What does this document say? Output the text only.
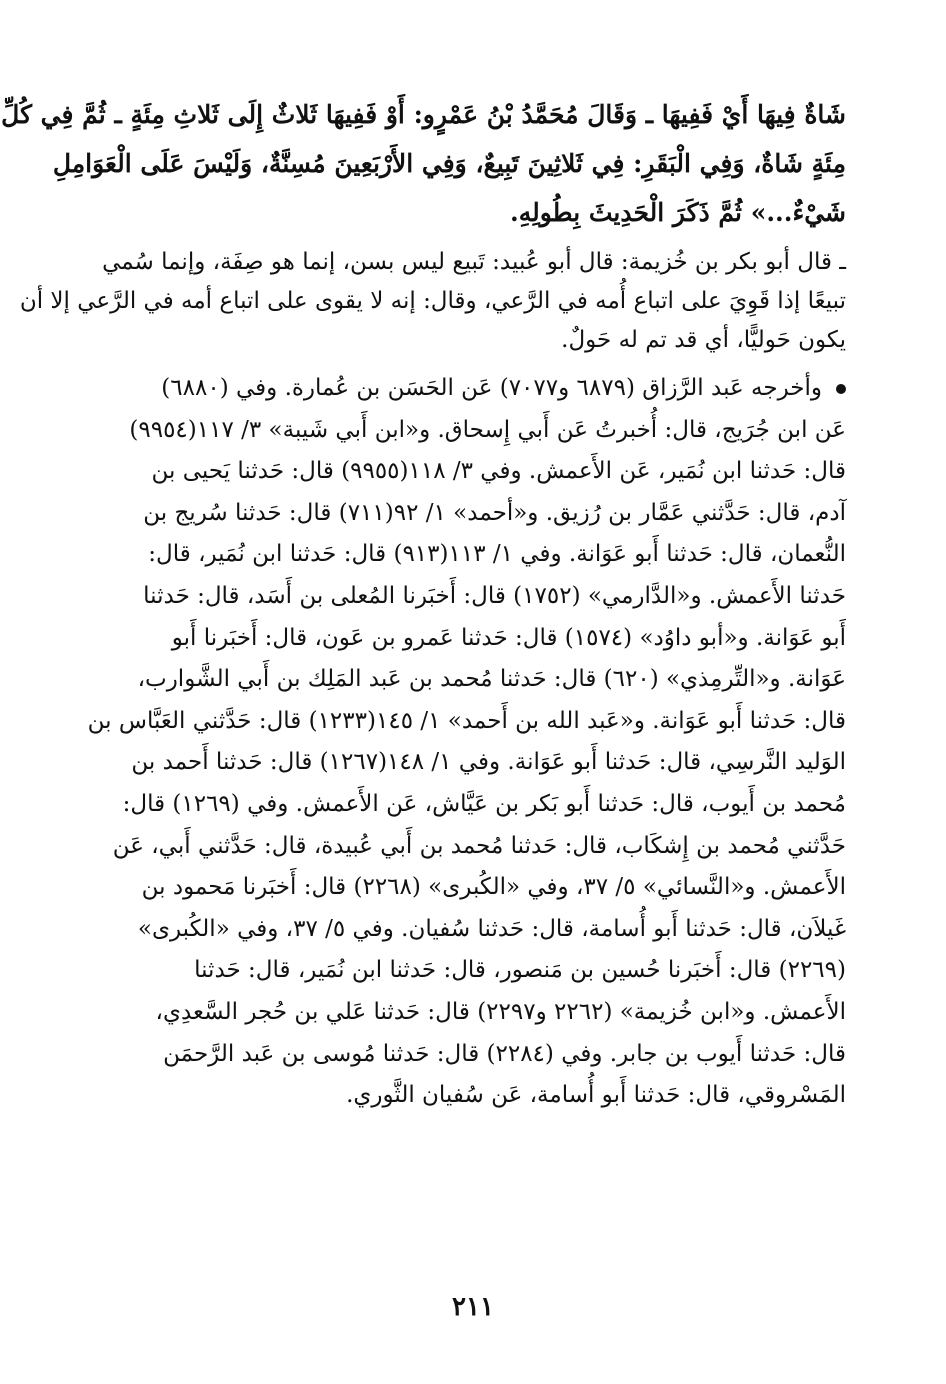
شَاةٌ فِيهَا أَيْ فَفِيهَا ـ وَقَالَ مُحَمَّدُ بْنُ عَمْرٍو: أَوْ فَفِيهَا ثَلاثٌ إِلَى ثَلاثِ مِئَةٍ ـ ثُمَّ فِي كُلِّ
مِئَةٍ شَاةٌ، وَفِي الْبَقَرِ: فِي ثَلاثِينَ تَبِيعٌ، وَفِي الأَرْبَعِينَ مُسِنَّةٌ، وَلَيْسَ عَلَى الْعَوَامِلِ
شَيْءٌ...» ثُمَّ ذَكَرَ الْحَدِيثَ بِطُولِهِ.
ـ قال أبو بكر بن خُزيمة: قال أبو عُبيد: تَبيع ليس بسن، إنما هو صِفَة، وإنما سُمي
تبيعًا إذا قَوِيَ على اتباع أُمه في الرَّعي، وقال: إنه لا يقوى على اتباع أمه في الرَّعي إلا أن
يكون حَوليًّا، أي قد تم له حَولٌ.
وأخرجه عَبد الرَّزاق (٦٨٧٩ و٧٠٧٧) عَن الحَسَن بن عُمارة. وفي (٦٨٨٠)
عَن ابن جُرَيج، قال: أُخبرتُ عَن أَبي إِسحاق. و«ابن أَبي شَيبة» ٣/ ١١٧(٩٩٥٤)
قال: حَدثنا ابن نُمَير، عَن الأَعمش. وفي ٣/ ١١٨(٩٩٥٥) قال: حَدثنا يَحيى بن
آدم، قال: حَدَّثني عَمَّار بن رُزيق. و«أحمد» ١/ ٩٢(٧١١) قال: حَدثنا سُريج بن
النُّعمان، قال: حَدثنا أَبو عَوَانة. وفي ١/ ١١٣(٩١٣) قال: حَدثنا ابن نُمَير، قال:
حَدثنا الأَعمش. و«الدَّارمي» (١٧٥٢) قال: أَخبَرنا المُعلى بن أَسَد، قال: حَدثنا
أَبو عَوَانة. و«أبو داوُد» (١٥٧٤) قال: حَدثنا عَمرو بن عَون، قال: أَخبَرنا أَبو
عَوَانة. و«التِّرمِذي» (٦٢٠) قال: حَدثنا مُحمد بن عَبد المَلِك بن أَبي الشَّوارب،
قال: حَدثنا أَبو عَوَانة. و«عَبد الله بن أَحمد» ١/ ١٤٥(١٢٣٣) قال: حَدَّثني العَبَّاس بن
الوَليد النَّرسِي، قال: حَدثنا أَبو عَوَانة. وفي ١/ ١٤٨(١٢٦٧) قال: حَدثنا أَحمد بن
مُحمد بن أَيوب، قال: حَدثنا أَبو بَكر بن عَيَّاش، عَن الأَعمش. وفي (١٢٦٩) قال:
حَدَّثني مُحمد بن إِشكَاب، قال: حَدثنا مُحمد بن أَبي عُبيدة، قال: حَدَّثني أَبي، عَن
الأَعمش. و«النَّسائي» ٥/ ٣٧، وفي «الكُبرى» (٢٢٦٨) قال: أَخبَرنا مَحمود بن
غَيلاَن، قال: حَدثنا أَبو أُسامة، قال: حَدثنا سُفيان. وفي ٥/ ٣٧، وفي «الكُبرى»
(٢٢٦٩) قال: أَخبَرنا حُسين بن مَنصور، قال: حَدثنا ابن نُمَير، قال: حَدثنا
الأَعمش. و«ابن خُزيمة» (٢٢٦٢ و٢٢٩٧) قال: حَدثنا عَلي بن حُجر السَّعدِي،
قال: حَدثنا أَيوب بن جابر. وفي (٢٢٨٤) قال: حَدثنا مُوسى بن عَبد الرَّحمَن
المَسْروقي، قال: حَدثنا أَبو أُسامة، عَن سُفيان الثَّوري.
٢١١
